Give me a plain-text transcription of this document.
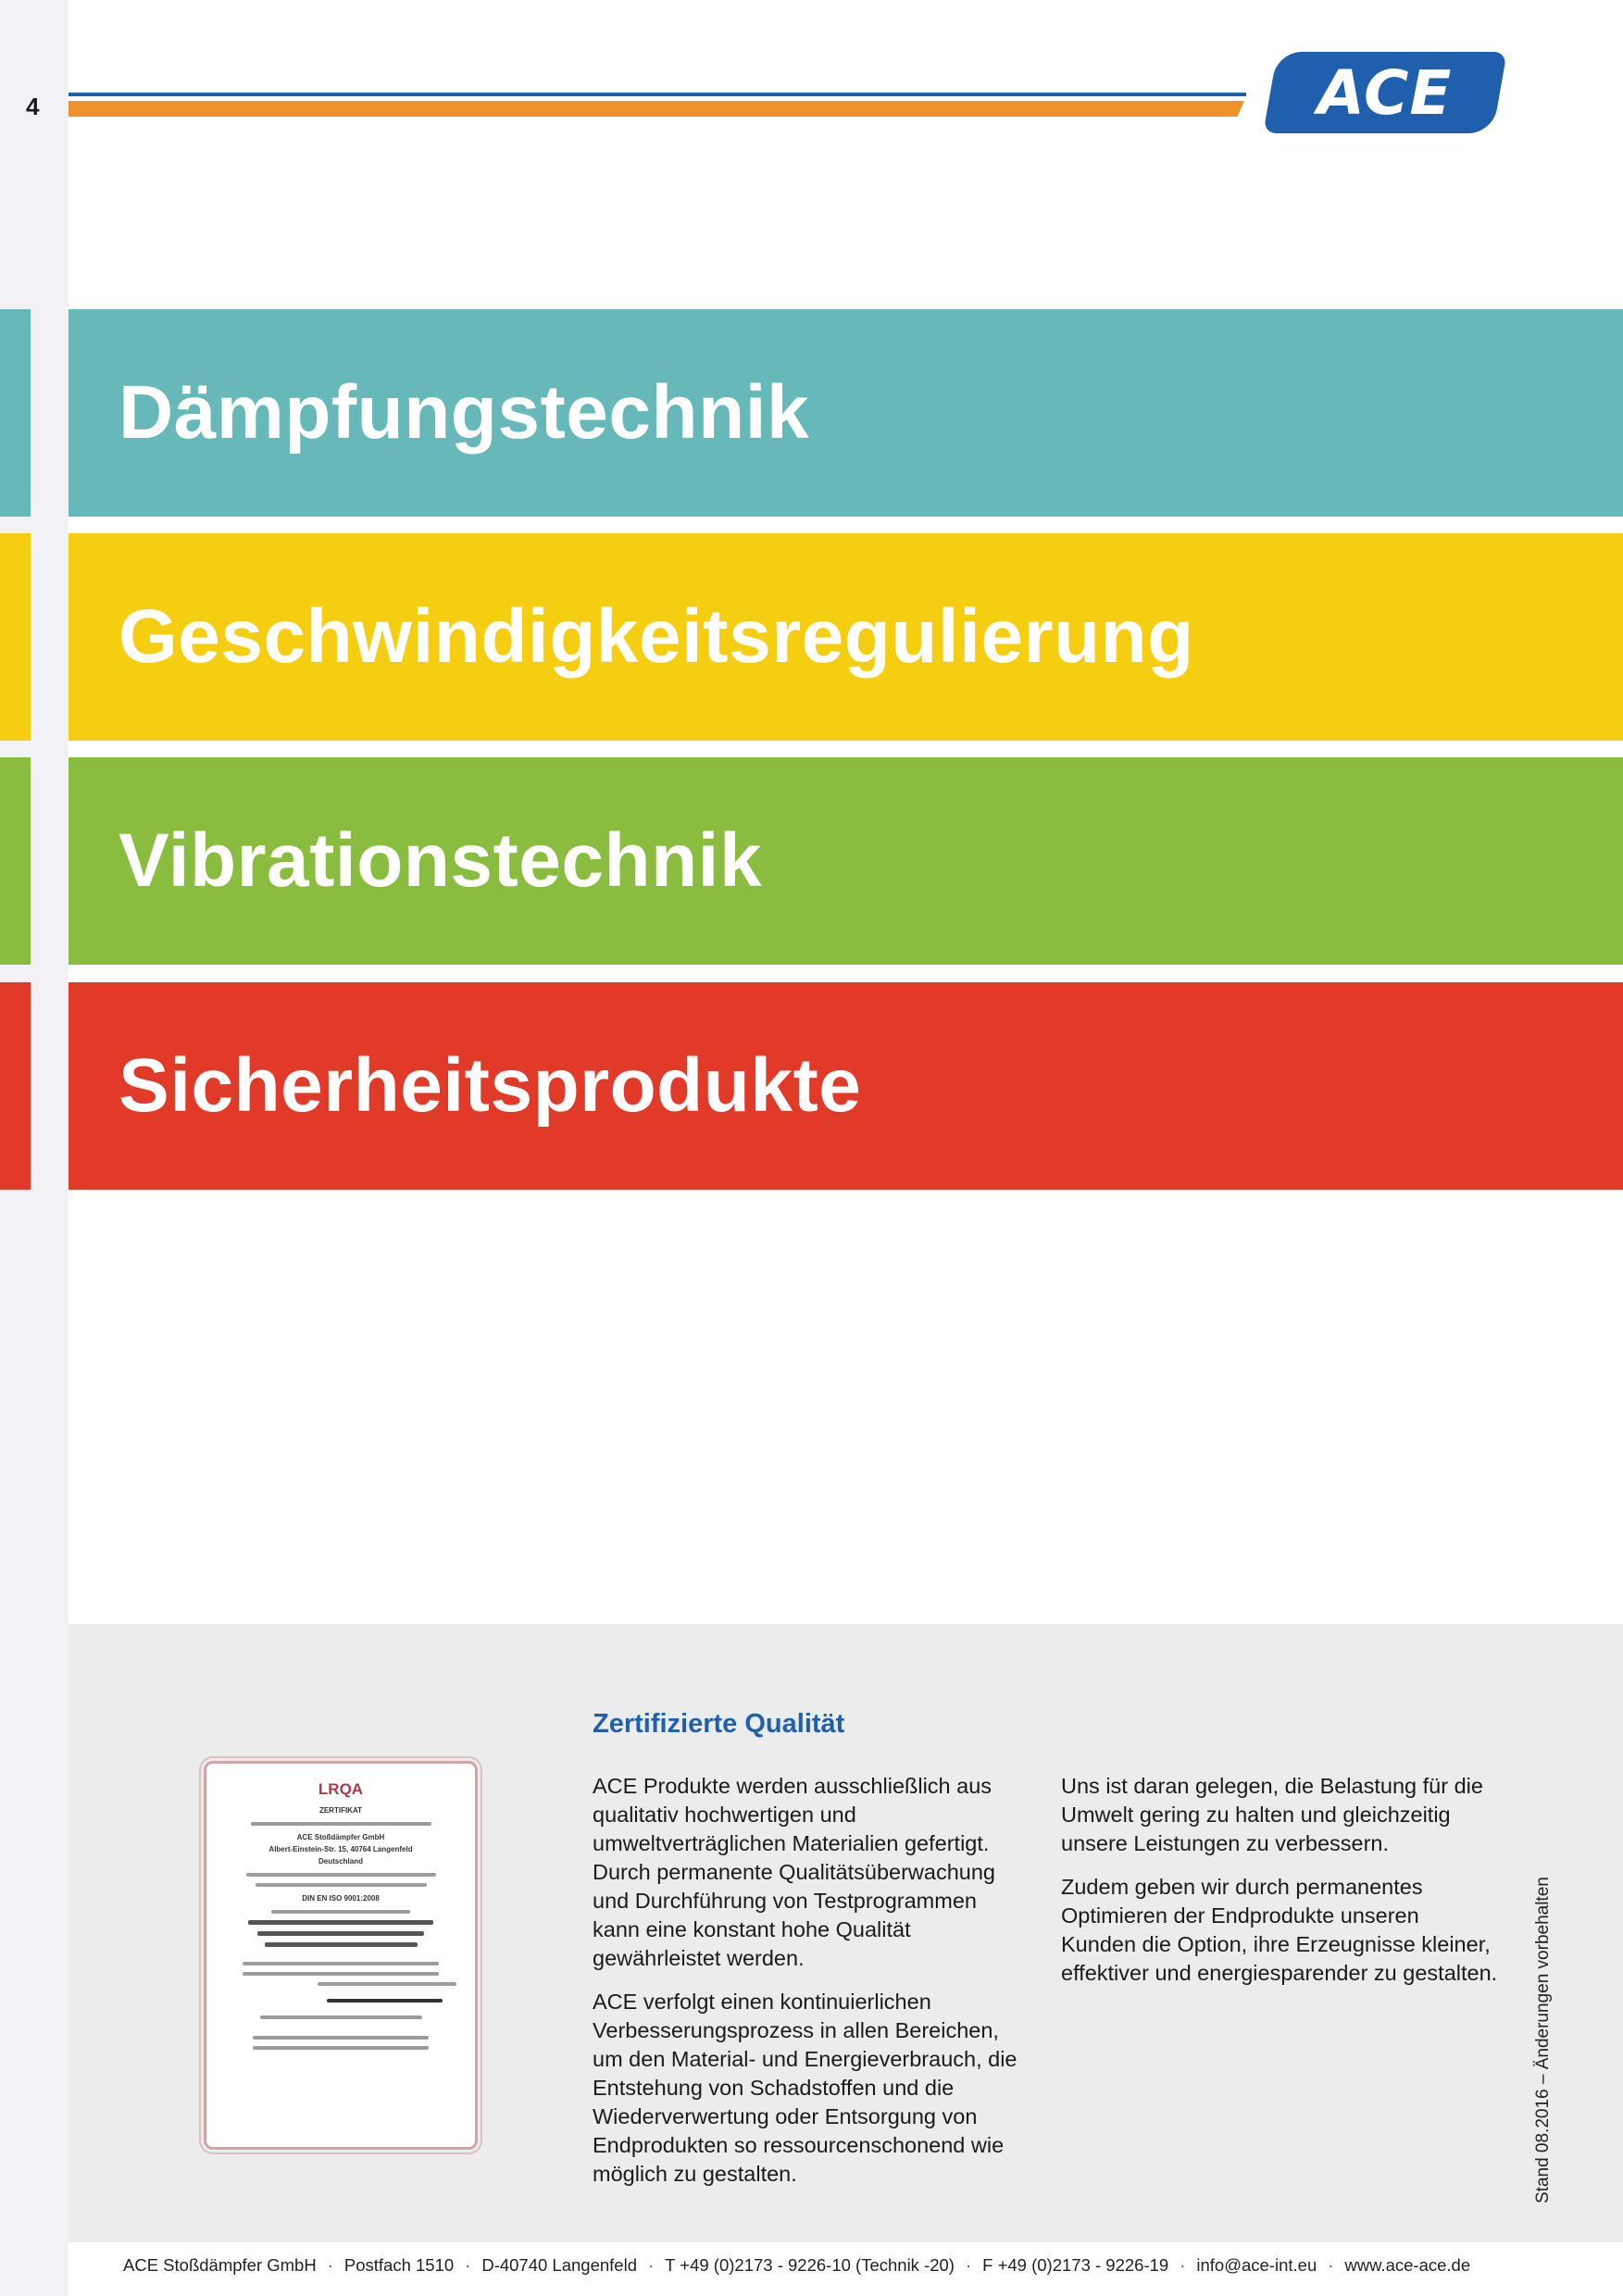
4	ACE
Dämpfungstechnik
Geschwindigkeitsregulierung
Vibrationstechnik
Sicherheitsprodukte
LRQA
ZERTIFIKAT
ACE Stoßdämpfer GmbH
Albert-Einstein-Str. 15, 40764 Langenfeld
Deutschland
DIN EN ISO 9001:2008
Zertifizierte Qualität

ACE Produkte werden ausschließlich aus qualitativ hochwertigen und umweltverträglichen Materialien gefertigt. Durch permanente Qualitätsüberwachung und Durchführung von Testprogrammen kann eine konstant hohe Qualität gewährleistet werden.

ACE verfolgt einen kontinuierlichen Verbesserungsprozess in allen Bereichen, um den Material- und Energieverbrauch, die Entstehung von Schadstoffen und die Wiederverwertung oder Entsorgung von Endprodukten so ressourcenschonend wie möglich zu gestalten.

Uns ist daran gelegen, die Belastung für die Umwelt gering zu halten und gleichzeitig unsere Leistungen zu verbessern.

Zudem geben wir durch permanentes Optimieren der Endprodukte unseren Kunden die Option, ihre Erzeugnisse kleiner, effektiver und energiesparender zu gestalten. Stand 08.2016 – Änderungen vorbehalten
ACE Stoßdämpfer GmbH · Postfach 1510 · D-40740 Langenfeld · T +49 (0)2173 - 9226-10 (Technik -20) · F +49 (0)2173 - 9226-19 · info@ace-int.eu · www.ace-ace.de
